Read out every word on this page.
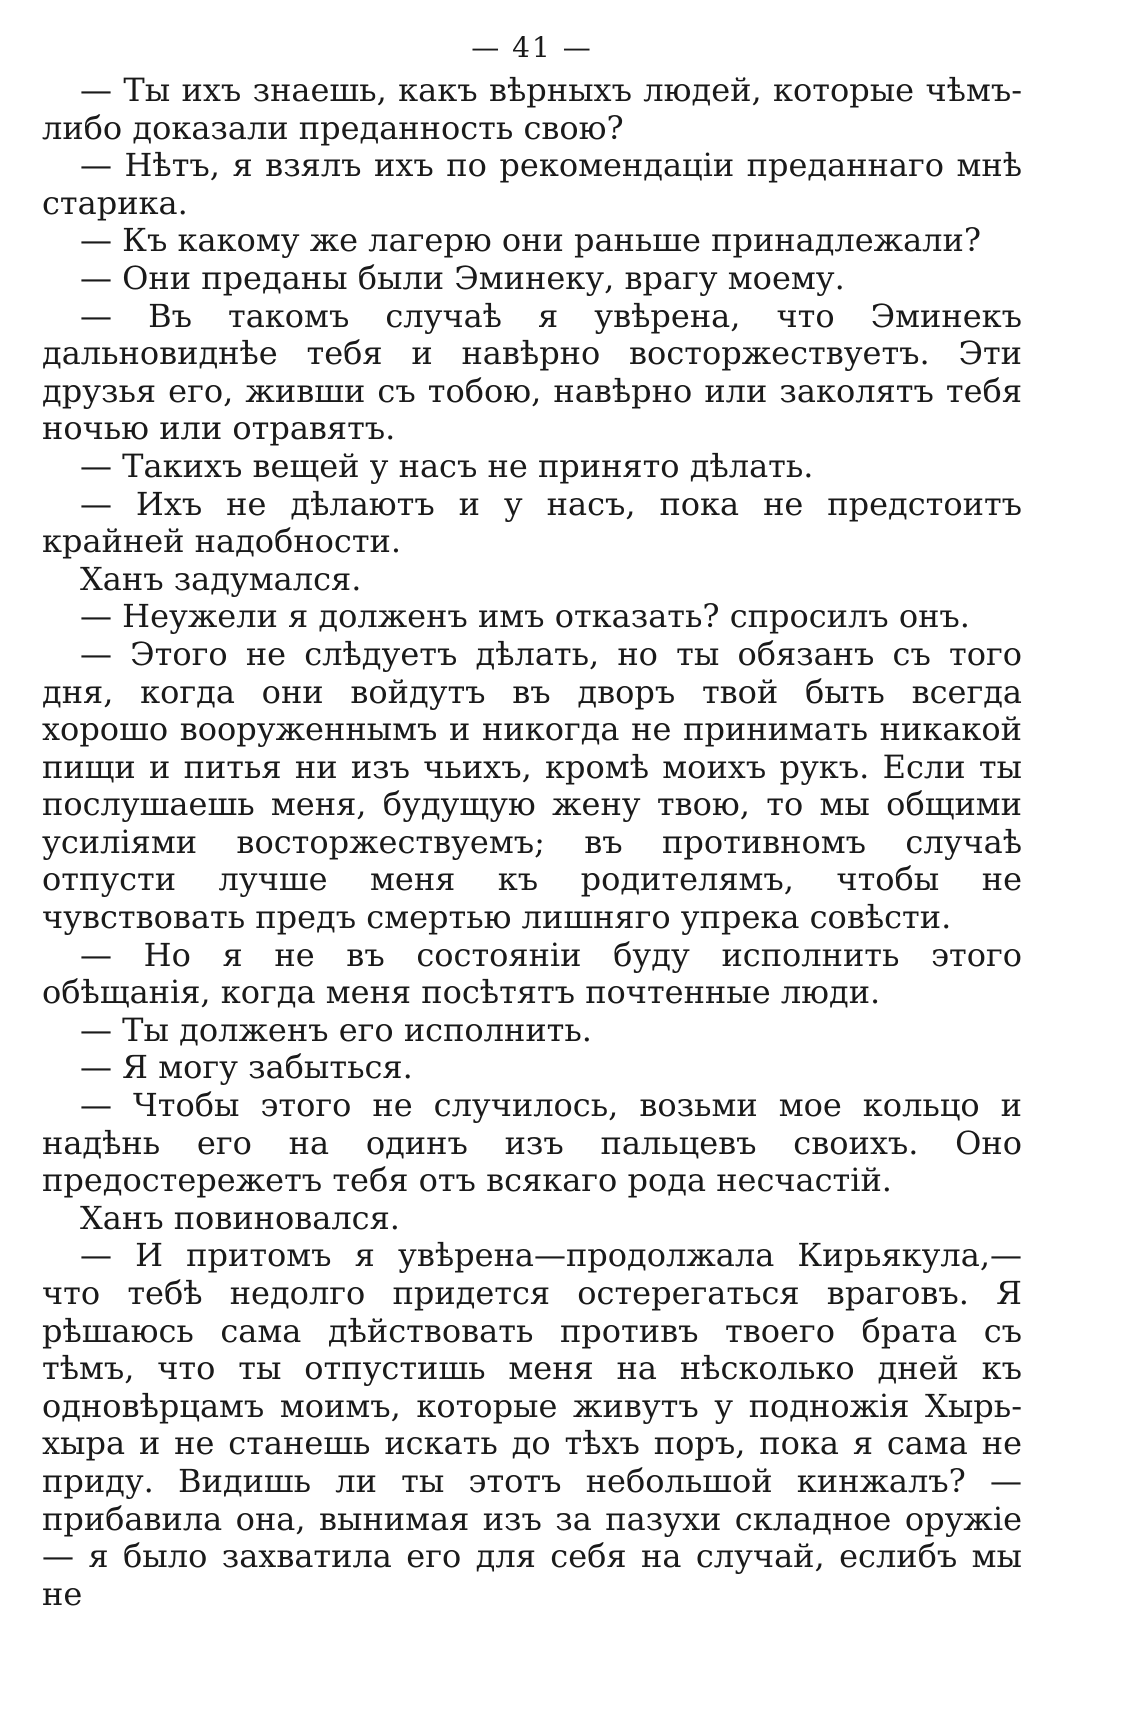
— 41 —

— Ты ихъ знаешь, какъ вѣрныхъ людей, которые чѣмъ-либо доказали преданность свою?

— Нѣтъ, я взялъ ихъ по рекомендаціи преданнаго мнѣ старика.

— Къ какому же лагерю они раньше принадлежали?

— Они преданы были Эминеку, врагу моему.

— Въ такомъ случаѣ я увѣрена, что Эминекъ дальновиднѣе тебя и навѣрно восторжествуетъ. Эти друзья его, живши съ тобою, навѣрно или заколятъ тебя ночью или отравятъ.

— Такихъ вещей у насъ не принято дѣлать.

— Ихъ не дѣлаютъ и у насъ, пока не предстоитъ крайней надобности.

Ханъ задумался.

— Неужели я долженъ имъ отказать? спросилъ онъ.

— Этого не слѣдуетъ дѣлать, но ты обязанъ съ того дня, когда они войдутъ въ дворъ твой быть всегда хорошо вооруженнымъ и никогда не принимать никакой пищи и питья ни изъ чьихъ, кромѣ моихъ рукъ. Если ты послушаешь меня, будущую жену твою, то мы общими усиліями восторжествуемъ; въ противномъ случаѣ отпусти лучше меня къ родителямъ, чтобы не чувствовать предъ смертью лишняго упрека совѣсти.

— Но я не въ состояніи буду исполнить этого обѣщанія, когда меня посѣтятъ почтенные люди.

— Ты долженъ его исполнить.

— Я могу забыться.

— Чтобы этого не случилось, возьми мое кольцо и надѣнь его на одинъ изъ пальцевъ своихъ. Оно предостережетъ тебя отъ всякаго рода несчастій.

Ханъ повиновался.

— И притомъ я увѣрена—продолжала Кирьякула,— что тебѣ недолго придется остерегаться враговъ. Я рѣшаюсь сама дѣйствовать противъ твоего брата съ тѣмъ, что ты отпустишь меня на нѣсколько дней къ одновѣрцамъ моимъ, которые живутъ у подножія Хырь-хыра и не станешь искать до тѣхъ поръ, пока я сама не приду. Видишь ли ты этотъ небольшой кинжалъ? — прибавила она, вынимая изъ за пазухи складное оружіе — я было захватила его для себя на случай, еслибъ мы не
